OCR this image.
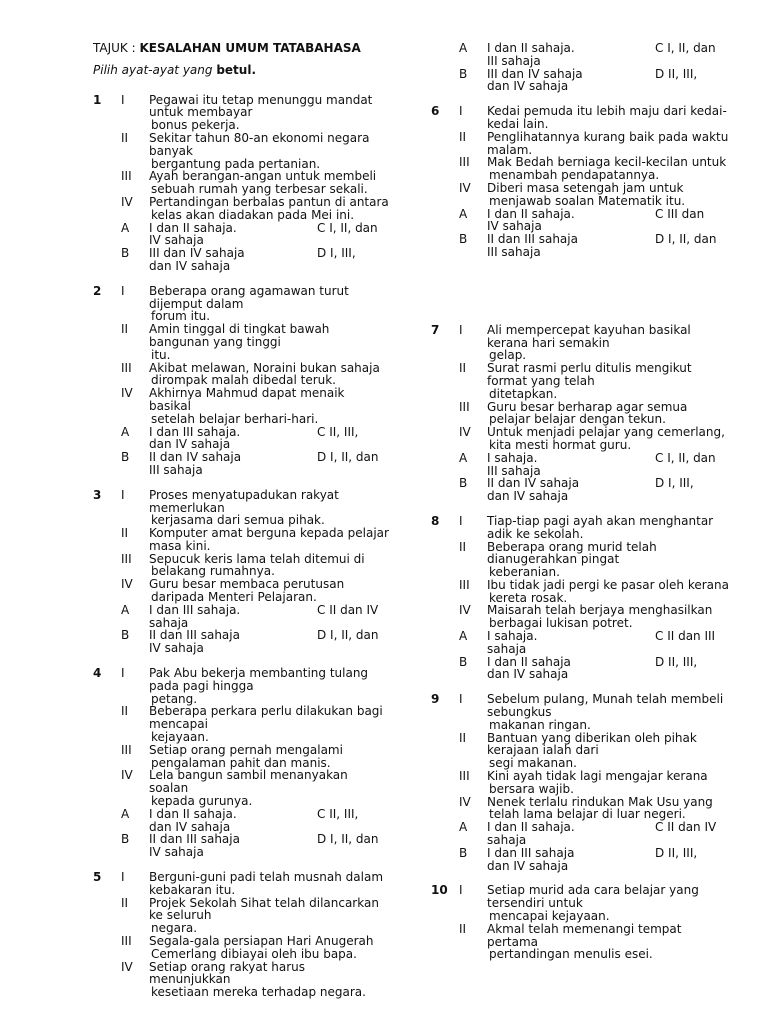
TAJUK : KESALAHAN UMUM TATABAHASA
Pilih ayat-ayat yang betul.
1 I Pegawai itu tetap menunggu mandat untuk membayar
bonus pekerja.
II Sekitar tahun 80-an ekonomi negara banyak
bergantung pada pertanian.
III Ayah berangan-angan untuk membeli
sebuah rumah yang terbesar sekali.
IV Pertandingan berbalas pantun di antara
kelas akan diadakan pada Mei ini.
A I dan II sahaja.	C I, II, dan
IV sahaja
B III dan IV sahaja	D I, III,
dan IV sahaja
2 I Beberapa orang agamawan turut dijemput dalam
forum itu.
II Amin tinggal di tingkat bawah bangunan yang tinggi
itu.
III Akibat melawan, Noraini bukan sahaja
dirompak malah dibedal teruk.
IV Akhirnya Mahmud dapat menaik basikal
setelah belajar berhari-hari.
A I dan III sahaja.	C II, III,
dan IV sahaja
B II dan IV sahaja	D I, II, dan
III sahaja
3 I Proses menyatupadukan rakyat memerlukan
kerjasama dari semua pihak.
II Komputer amat berguna kepada pelajar masa kini.
III Sepucuk keris lama telah ditemui di
belakang rumahnya.
IV Guru besar membaca perutusan
daripada Menteri Pelajaran.
A I dan III sahaja.	C II dan IV
sahaja
B II dan III sahaja	D I, II, dan
IV sahaja
4 I Pak Abu bekerja membanting tulang pada pagi hingga
petang.
II Beberapa perkara perlu dilakukan bagi mencapai
kejayaan.
III Setiap orang pernah mengalami
pengalaman pahit dan manis.
IV Lela bangun sambil menanyakan soalan
kepada gurunya.
A I dan II sahaja.	C II, III,
dan IV sahaja
B II dan III sahaja	D I, II, dan
IV sahaja
5 I Berguni-guni padi telah musnah dalam kebakaran itu.
II Projek Sekolah Sihat telah dilancarkan ke seluruh
negara.
III Segala-gala persiapan Hari Anugerah
Cemerlang dibiayai oleh ibu bapa.
IV Setiap orang rakyat harus menunjukkan
kesetiaan mereka terhadap negara.
A I dan II sahaja.	C I, II, dan
III sahaja
B III dan IV sahaja	D II, III,
dan IV sahaja
6 I Kedai pemuda itu lebih maju dari kedai-kedai lain.
II Penglihatannya kurang baik pada waktu malam.
III Mak Bedah berniaga kecil-kecilan untuk
menambah pendapatannya.
IV Diberi masa setengah jam untuk
menjawab soalan Matematik itu.
A I dan II sahaja.	C III dan
IV sahaja
B II dan III sahaja	D I, II, dan
III sahaja
7 I Ali mempercepat kayuhan basikal kerana hari semakin
gelap.
II Surat rasmi perlu ditulis mengikut format yang telah
ditetapkan.
III Guru besar berharap agar semua
pelajar belajar dengan tekun.
IV Untuk menjadi pelajar yang cemerlang,
kita mesti hormat guru.
A I sahaja.	C I, II, dan
III sahaja
B II dan IV sahaja	D I, III,
dan IV sahaja
8 I Tiap-tiap pagi ayah akan menghantar adik ke sekolah.
II Beberapa orang murid telah dianugerahkan pingat
keberanian.
III Ibu tidak jadi pergi ke pasar oleh kerana
kereta rosak.
IV Maisarah telah berjaya menghasilkan
berbagai lukisan potret.
A I sahaja.	C II dan III
sahaja
B I dan II sahaja	D II, III,
dan IV sahaja
9 I Sebelum pulang, Munah telah membeli sebungkus
makanan ringan.
II Bantuan yang diberikan oleh pihak kerajaan ialah dari
segi makanan.
III Kini ayah tidak lagi mengajar kerana
bersara wajib.
IV Nenek terlalu rindukan Mak Usu yang
telah lama belajar di luar negeri.
A I dan II sahaja.	C II dan IV
sahaja
B I dan III sahaja	D II, III,
dan IV sahaja
10 I Setiap murid ada cara belajar yang tersendiri untuk
mencapai kejayaan.
II Akmal telah memenangi tempat pertama
pertandingan menulis esei.
